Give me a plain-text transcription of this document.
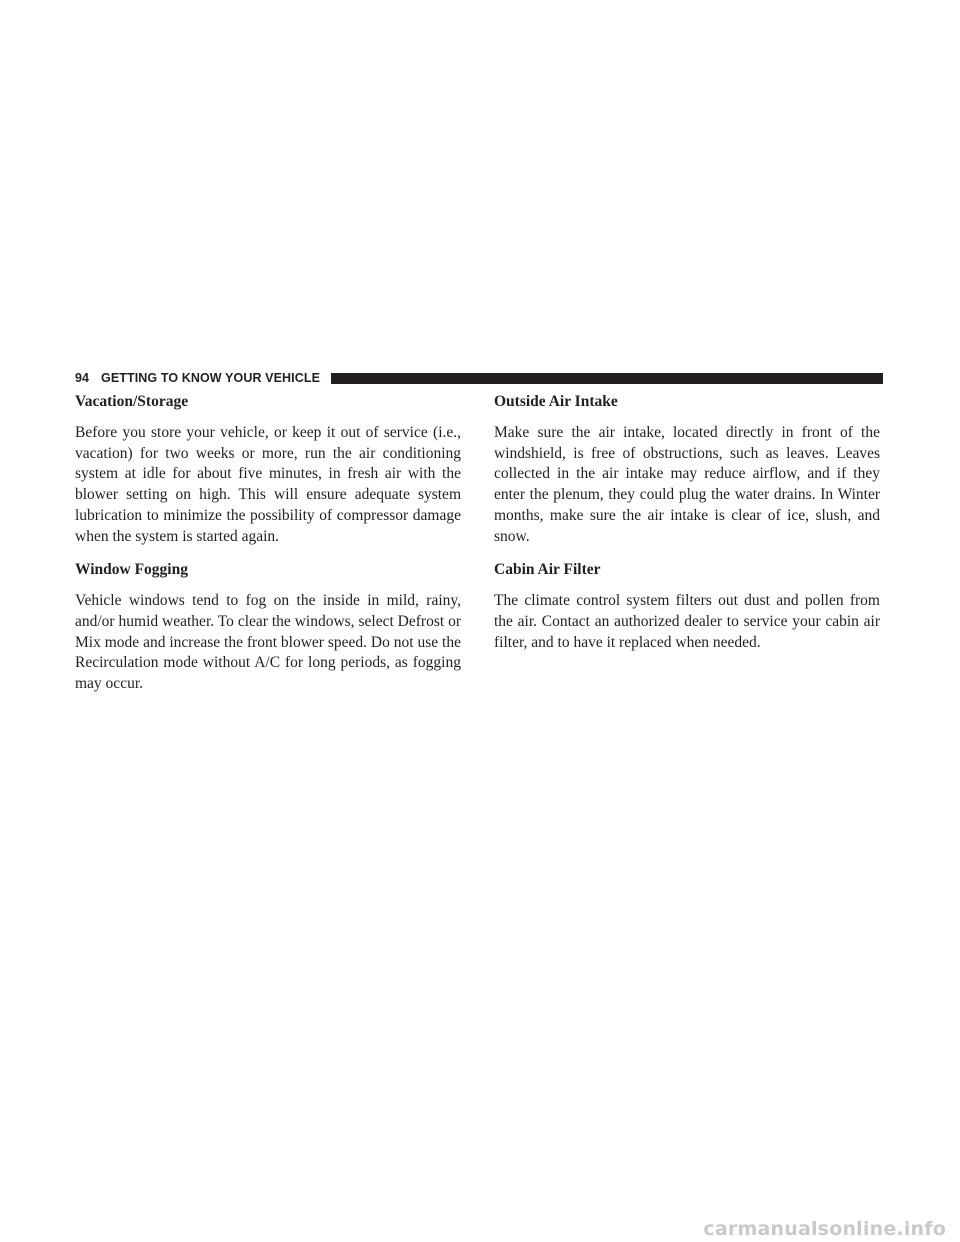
94 GETTING TO KNOW YOUR VEHICLE
Vacation/Storage

Before you store your vehicle, or keep it out of service (i.e., vacation) for two weeks or more, run the air conditioning system at idle for about five minutes, in fresh air with the blower setting on high. This will ensure adequate system lubrication to minimize the possibility of compressor damage when the system is started again.

Window Fogging

Vehicle windows tend to fog on the inside in mild, rainy, and/or humid weather. To clear the windows, select Defrost or Mix mode and increase the front blower speed. Do not use the Recirculation mode without A/C for long periods, as fogging may occur.

Outside Air Intake

Make sure the air intake, located directly in front of the windshield, is free of obstructions, such as leaves. Leaves collected in the air intake may reduce airflow, and if they enter the plenum, they could plug the water drains. In Winter months, make sure the air intake is clear of ice, slush, and snow.

Cabin Air Filter

The climate control system filters out dust and pollen from the air. Contact an authorized dealer to service your cabin air filter, and to have it replaced when needed.

carmanualsonline.info
